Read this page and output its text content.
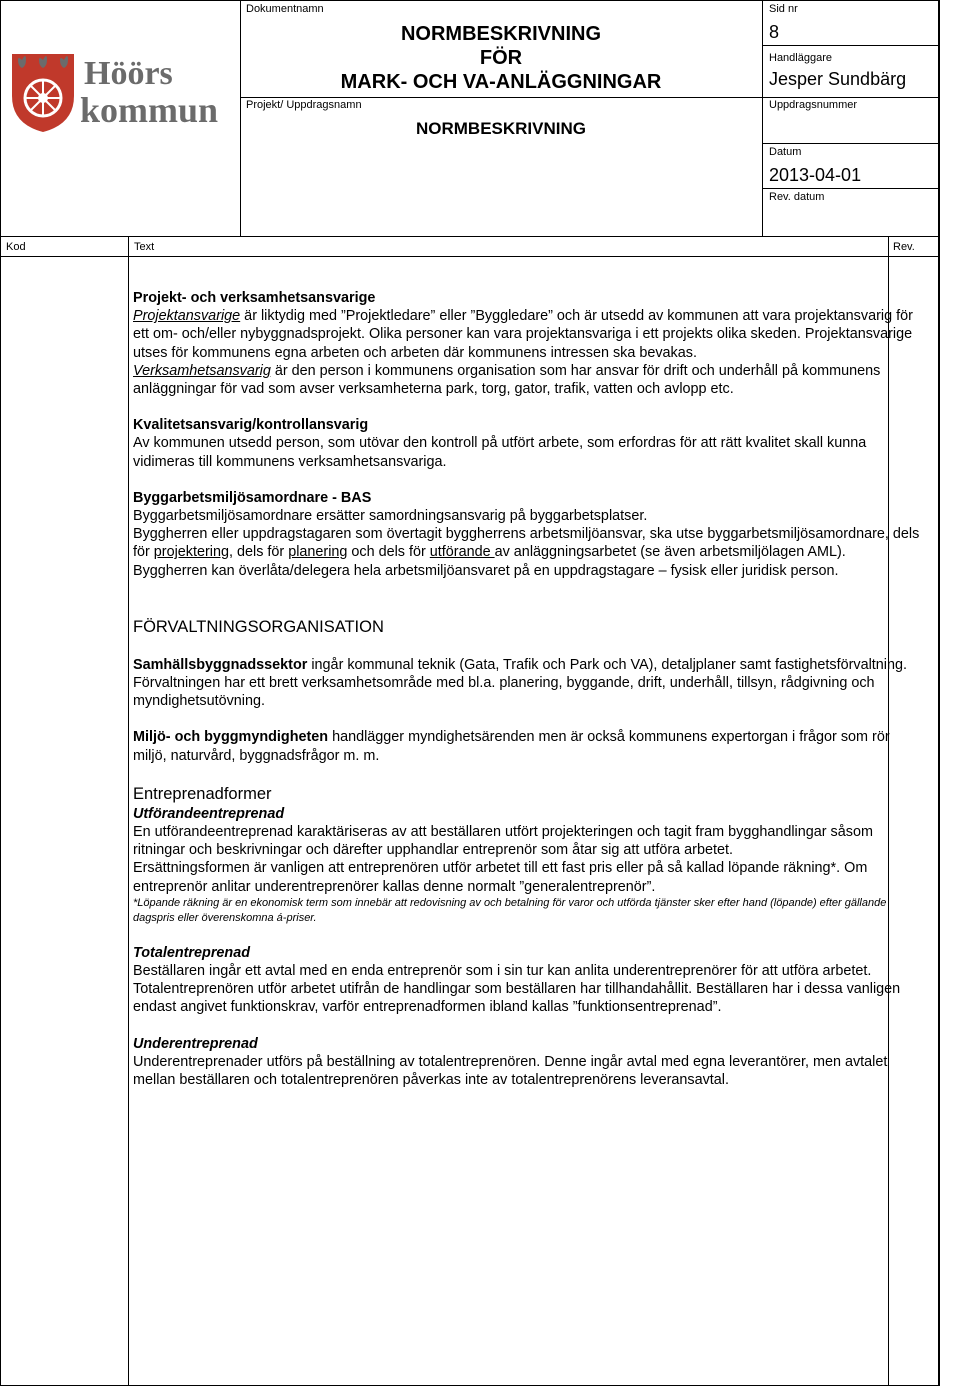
Höörs
kommun
Dokumentnamn
NORMBESKRIVNING
FÖR
MARK- OCH VA-ANLÄGGNINGAR
Projekt/ Uppdragsnamn
NORMBESKRIVNING
Sid nr
8
Handläggare
Jesper Sundbärg
Uppdragsnummer
Datum
2013-04-01
Rev. datum
Kod	Text	Rev.
Projekt- och verksamhetsansvarige

Projektansvarige är liktydig med ”Projektledare” eller ”Byggledare” och är utsedd av kommunen att vara projektansvarig för ett om- och/eller nybyggnadsprojekt. Olika personer kan vara projektansvariga i ett projekts olika skeden. Projektansvarige utses för kommunens egna arbeten och arbeten där kommunens intressen ska bevakas.

Verksamhetsansvarig är den person i kommunens organisation som har ansvar för drift och underhåll på kommunens anläggningar för vad som avser verksamheterna park, torg, gator, trafik, vatten och avlopp etc.

Kvalitetsansvarig/kontrollansvarig

Av kommunen utsedd person, som utövar den kontroll på utfört arbete, som erfordras för att rätt kvalitet skall kunna vidimeras till kommunens verksamhetsansvariga.

Byggarbetsmiljösamordnare - BAS

Byggarbetsmiljösamordnare ersätter samordningsansvarig på byggarbetsplatser.

Byggherren eller uppdragstagaren som övertagit byggherrens arbetsmiljöansvar, ska utse byggarbetsmiljösamordnare, dels för projektering, dels för planering och dels för utförande av anläggningsarbetet (se även arbetsmiljölagen AML). Byggherren kan överlåta/delegera hela arbetsmiljöansvaret på en uppdragstagare – fysisk eller juridisk person.

FÖRVALTNINGSORGANISATION

Samhällsbyggnadssektor ingår kommunal teknik (Gata, Trafik och Park och VA), detaljplaner samt fastighetsförvaltning.

Förvaltningen har ett brett verksamhetsområde med bl.a. planering, byggande, drift, underhåll, tillsyn, rådgivning och myndighetsutövning.

Miljö- och byggmyndigheten handlägger myndighetsärenden men är också kommunens expertorgan i frågor som rör miljö, naturvård, byggnadsfrågor m. m.

Entreprenadformer

Utförandeentreprenad

En utförandeentreprenad karaktäriseras av att beställaren utfört projekteringen och tagit fram bygghandlingar såsom ritningar och beskrivningar och därefter upphandlar entreprenör som åtar sig att utföra arbetet.

Ersättningsformen är vanligen att entreprenören utför arbetet till ett fast pris eller på så kallad löpande räkning*. Om entreprenör anlitar underentreprenörer kallas denne normalt ”generalentreprenör”.

*Löpande räkning är en ekonomisk term som innebär att redovisning av och betalning för varor och utförda tjänster sker efter hand (löpande) efter gällande dagspris eller överenskomna á-priser.

Totalentreprenad

Beställaren ingår ett avtal med en enda entreprenör som i sin tur kan anlita underentreprenörer för att utföra arbetet.

Totalentreprenören utför arbetet utifrån de handlingar som beställaren har tillhandahållit. Beställaren har i dessa vanligen endast angivet funktionskrav, varför entreprenadformen ibland kallas ”funktionsentreprenad”.

Underentreprenad

Underentreprenader utförs på beställning av totalentreprenören. Denne ingår avtal med egna leverantörer, men avtalet mellan beställaren och totalentreprenören påverkas inte av totalentreprenörens leveransavtal.
